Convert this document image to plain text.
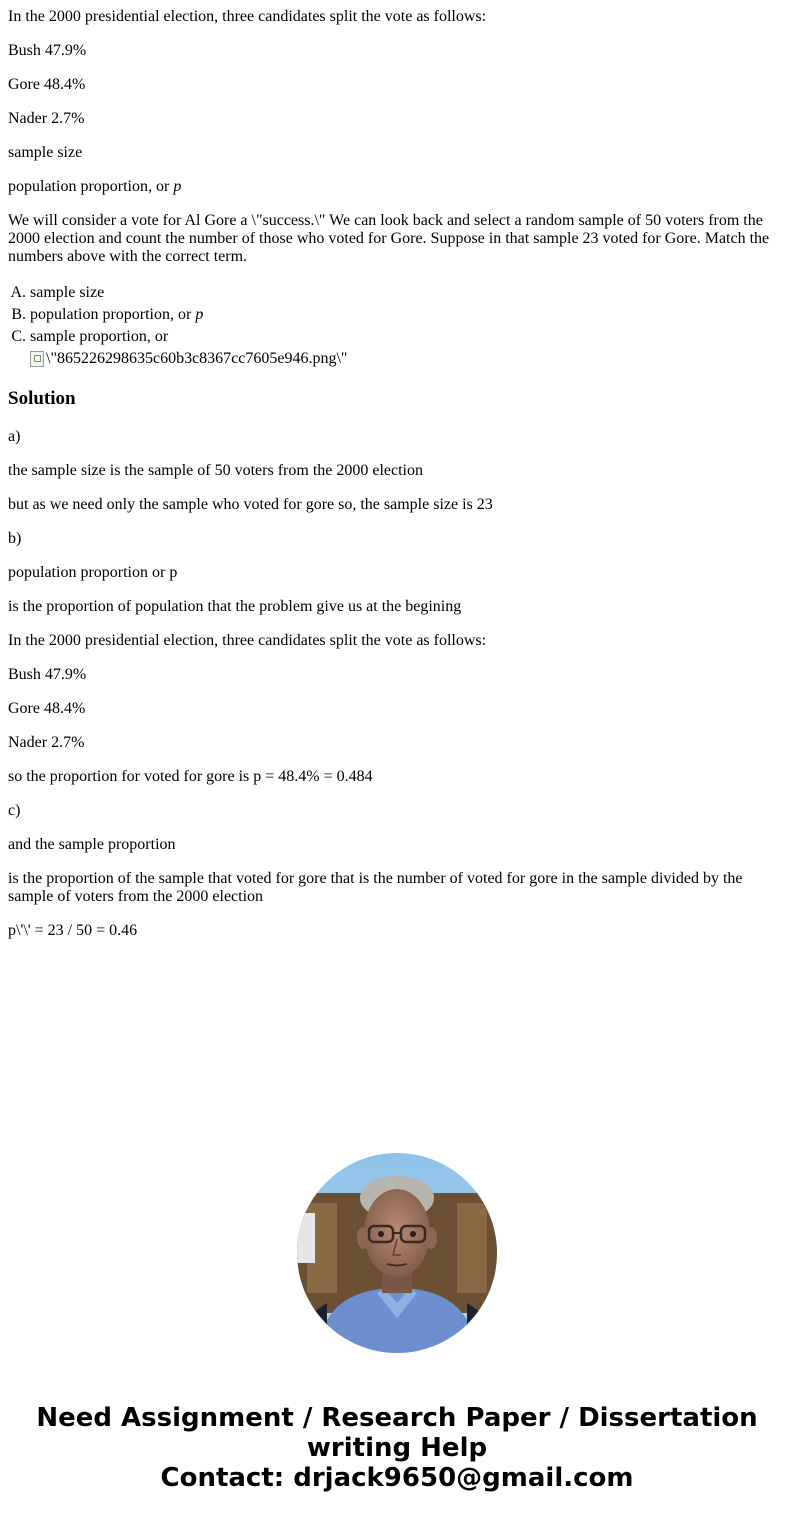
In the 2000 presidential election, three candidates split the vote as follows:

Bush 47.9%

Gore 48.4%

Nader 2.7%

sample size

population proportion, or p

We will consider a vote for Al Gore a \"success.\" We can look back and select a random sample of 50 voters from the 2000 election and count the number of those who voted for Gore. Suppose in that sample 23 voted for Gore. Match the numbers above with the correct term.

A. sample size
B. population proportion, or p
C. sample proportion, or

\"865226298635c60b3c8367cc7605e946.png\"
Solution

a)

the sample size is the sample of 50 voters from the 2000 election

but as we need only the sample who voted for gore so, the sample size is 23

b)

population proportion or p

is the proportion of population that the problem give us at the begining

In the 2000 presidential election, three candidates split the vote as follows:

Bush 47.9%

Gore 48.4%

Nader 2.7%

so the proportion for voted for gore is p = 48.4% = 0.484

c)

and the sample proportion

is the proportion of the sample that voted for gore that is the number of voted for gore in the sample divided by the sample of voters from the 2000 election

p\'\' = 23 / 50 = 0.46

Need Assignment / Research Paper / Dissertation
writing Help
Contact: drjack9650@gmail.com
